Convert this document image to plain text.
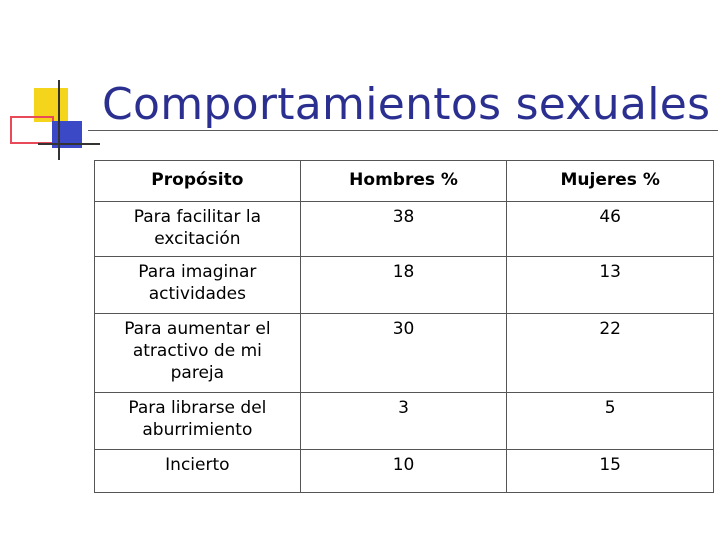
Comportamientos sexuales
Propósito	Hombres %	Mujeres %
Para facilitar la excitación	38	46
Para imaginar actividades	18	13
Para aumentar el atractivo de mi pareja	30	22
Para librarse del aburrimiento	3	5
Incierto	10	15
